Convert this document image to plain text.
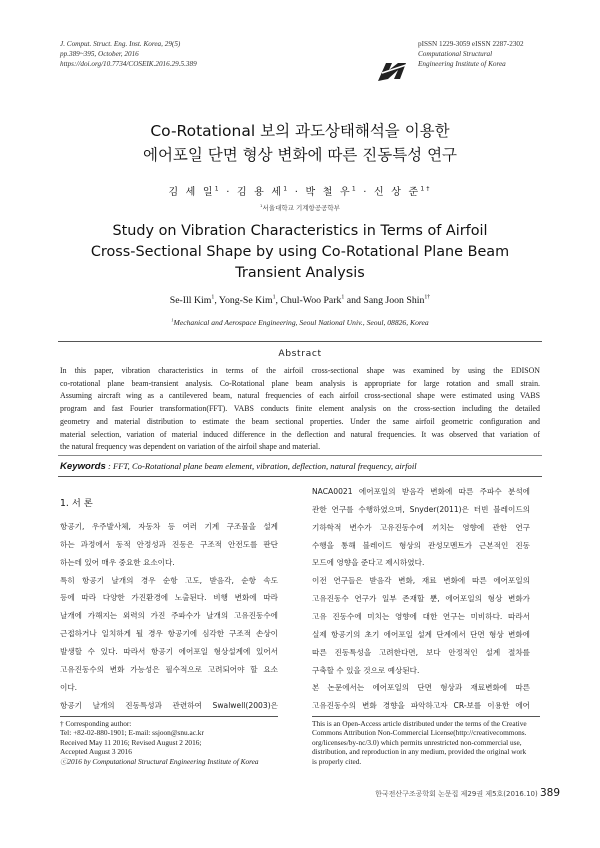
J. Comput. Struct. Eng. Inst. Korea, 29(5)
pp.389~395, October, 2016
https://doi.org/10.7734/COSEIK.2016.29.5.389
pISSN 1229-3059 eISSN 2287-2302
Computational Structural
Engineering Institute of Korea
Co-Rotational 보의 과도상태해석을 이용한
에어포일 단면 형상 변화에 따른 진동특성 연구
김 세 일$^1$ · 김 용 세$^1$ · 박 철 우$^1$ · 신 상 준$^{1\dagger}$
$^1$서울대학교 기계항공공학부
Study on Vibration Characteristics in Terms of Airfoil
Cross-Sectional Shape by using Co-Rotational Plane Beam
Transient Analysis
Se-Ill Kim$^1$, Yong-Se Kim$^1$, Chul-Woo Park$^1$ and Sang Joon Shin$^{1\dagger}$
$^1$Mechanical and Aerospace Engineering, Seoul National Univ., Seoul, 08826, Korea
Abstract
In this paper, vibration characteristics in terms of the airfoil cross-sectional shape was examined by using the EDISON
co-rotational plane beam-transient analysis. Co-Rotational plane beam analysis is appropriate for large rotation and small strain.
Assuming aircraft wing as a cantilevered beam, natural frequencies of each airfoil cross-sectional shape were estimated using VABS
program and fast Fourier transformation(FFT). VABS conducts finite element analysis on the cross-section including the detailed
geometry and material distribution to estimate the beam sectional properties. Under the same airfoil geometric configuration and
material selection, variation of material induced difference in the deflection and natural frequencies. It was observed that variation of
the natural frequency was dependent on variation of the airfoil shape and material.
Keywords : FFT, Co-Rotational plane beam element, vibration, deflection, natural frequency, airfoil
1. 서 론
항공기, 우주발사체, 자동차 등 여러 기계 구조물을 설계
하는 과정에서 동적 안정성과 진동은 구조적 안전도를 판단
하는데 있어 매우 중요한 요소이다.
특히 항공기 날개의 경우 순항 고도, 받음각, 순항 속도
등에 따라 다양한 가진환경에 노출된다. 비행 변화에 따라
날개에 가해지는 외력의 가진 주파수가 날개의 고유진동수에
근접하거나 일치하게 될 경우 항공기에 심각한 구조적 손상이
발생할 수 있다. 따라서 항공기 에어포일 형상설계에 있어서
고유진동수의 변화 가능성은 필수적으로 고려되어야 할 요소
이다.
항공기 날개의 진동특성과 관련하여 Swalwell(2003)은
NACA0021 에어포일의 받음각 변화에 따른 주파수 분석에
관한 연구를 수행하였으며, Snyder(2011)은 터빈 블레이드의
기하학적 변수가 고유진동수에 끼치는 영향에 관한 연구
수행을 통해 블레이드 형상의 관성모멘트가 근본적인 진동
모드에 영향을 준다고 제시하였다.
이전 연구들은 받음각 변화, 재료 변화에 따른 에어포일의
고유진동수 연구가 일부 존재할 뿐, 에어포일의 형상 변화가
고유 진동수에 미치는 영향에 대한 연구는 미비하다. 따라서
실제 항공기의 초기 에어포일 설계 단계에서 단면 형상 변화에
따른 진동특성을 고려한다면, 보다 안정적인 설계 절차를
구축할 수 있을 것으로 예상된다.
본 논문에서는 에어포일의 단면 형상과 재료변화에 따른
고유진동수의 변화 경향을 파악하고자 CR-보를 이용한 에어
† Corresponding author:
Tel: +82-02-880-1901; E-mail: ssjoon@snu.ac.kr
Received May 11 2016; Revised August 2 2016;
Accepted August 3 2016
ⓒ2016 by Computational Structural Engineering Institute of Korea
This is an Open-Access article distributed under the terms of the Creative
Commons Attribution Non-Commercial License(http://creativecommons.
org/licenses/by-nc/3.0) which permits unrestricted non-commercial use,
distribution, and reproduction in any medium, provided the original work
is properly cited.
한국전산구조공학회 논문집 제29권 제5호(2016.10) 389
